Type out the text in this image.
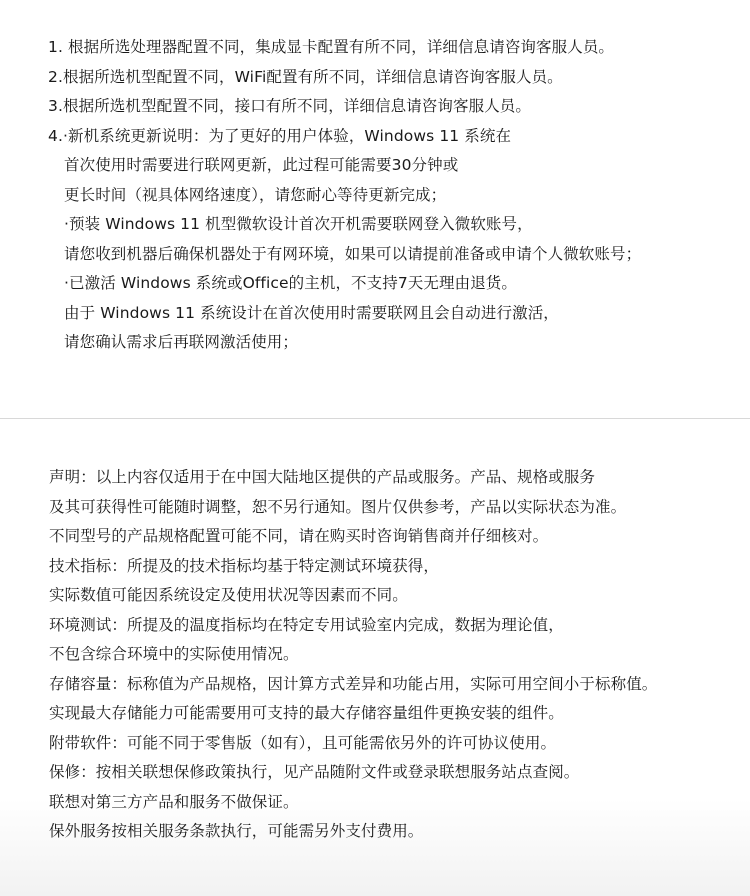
1. 根据所选处理器配置不同，集成显卡配置有所不同，详细信息请咨询客服人员。
2.根据所选机型配置不同，WiFi配置有所不同，详细信息请咨询客服人员。
3.根据所选机型配置不同，接口有所不同，详细信息请咨询客服人员。
4.·新机系统更新说明：为了更好的用户体验，Windows 11 系统在
首次使用时需要进行联网更新，此过程可能需要30分钟或
更长时间（视具体网络速度），请您耐心等待更新完成；
·预装 Windows 11 机型微软设计首次开机需要联网登入微软账号，
请您收到机器后确保机器处于有网环境，如果可以请提前准备或申请个人微软账号；
·已激活 Windows 系统或Office的主机，不支持7天无理由退货。
由于 Windows 11 系统设计在首次使用时需要联网且会自动进行激活，
请您确认需求后再联网激活使用；
声明：以上内容仅适用于在中国大陆地区提供的产品或服务。产品、规格或服务
及其可获得性可能随时调整，恕不另行通知。图片仅供参考，产品以实际状态为准。
不同型号的产品规格配置可能不同，请在购买时咨询销售商并仔细核对。
技术指标：所提及的技术指标均基于特定测试环境获得，
实际数值可能因系统设定及使用状况等因素而不同。
环境测试：所提及的温度指标均在特定专用试验室内完成，数据为理论值，
不包含综合环境中的实际使用情况。
存储容量：标称值为产品规格，因计算方式差异和功能占用，实际可用空间小于标称值。
实现最大存储能力可能需要用可支持的最大存储容量组件更换安装的组件。
附带软件：可能不同于零售版（如有），且可能需依另外的许可协议使用。
保修：按相关联想保修政策执行，见产品随附文件或登录联想服务站点查阅。
联想对第三方产品和服务不做保证。
保外服务按相关服务条款执行，可能需另外支付费用。
